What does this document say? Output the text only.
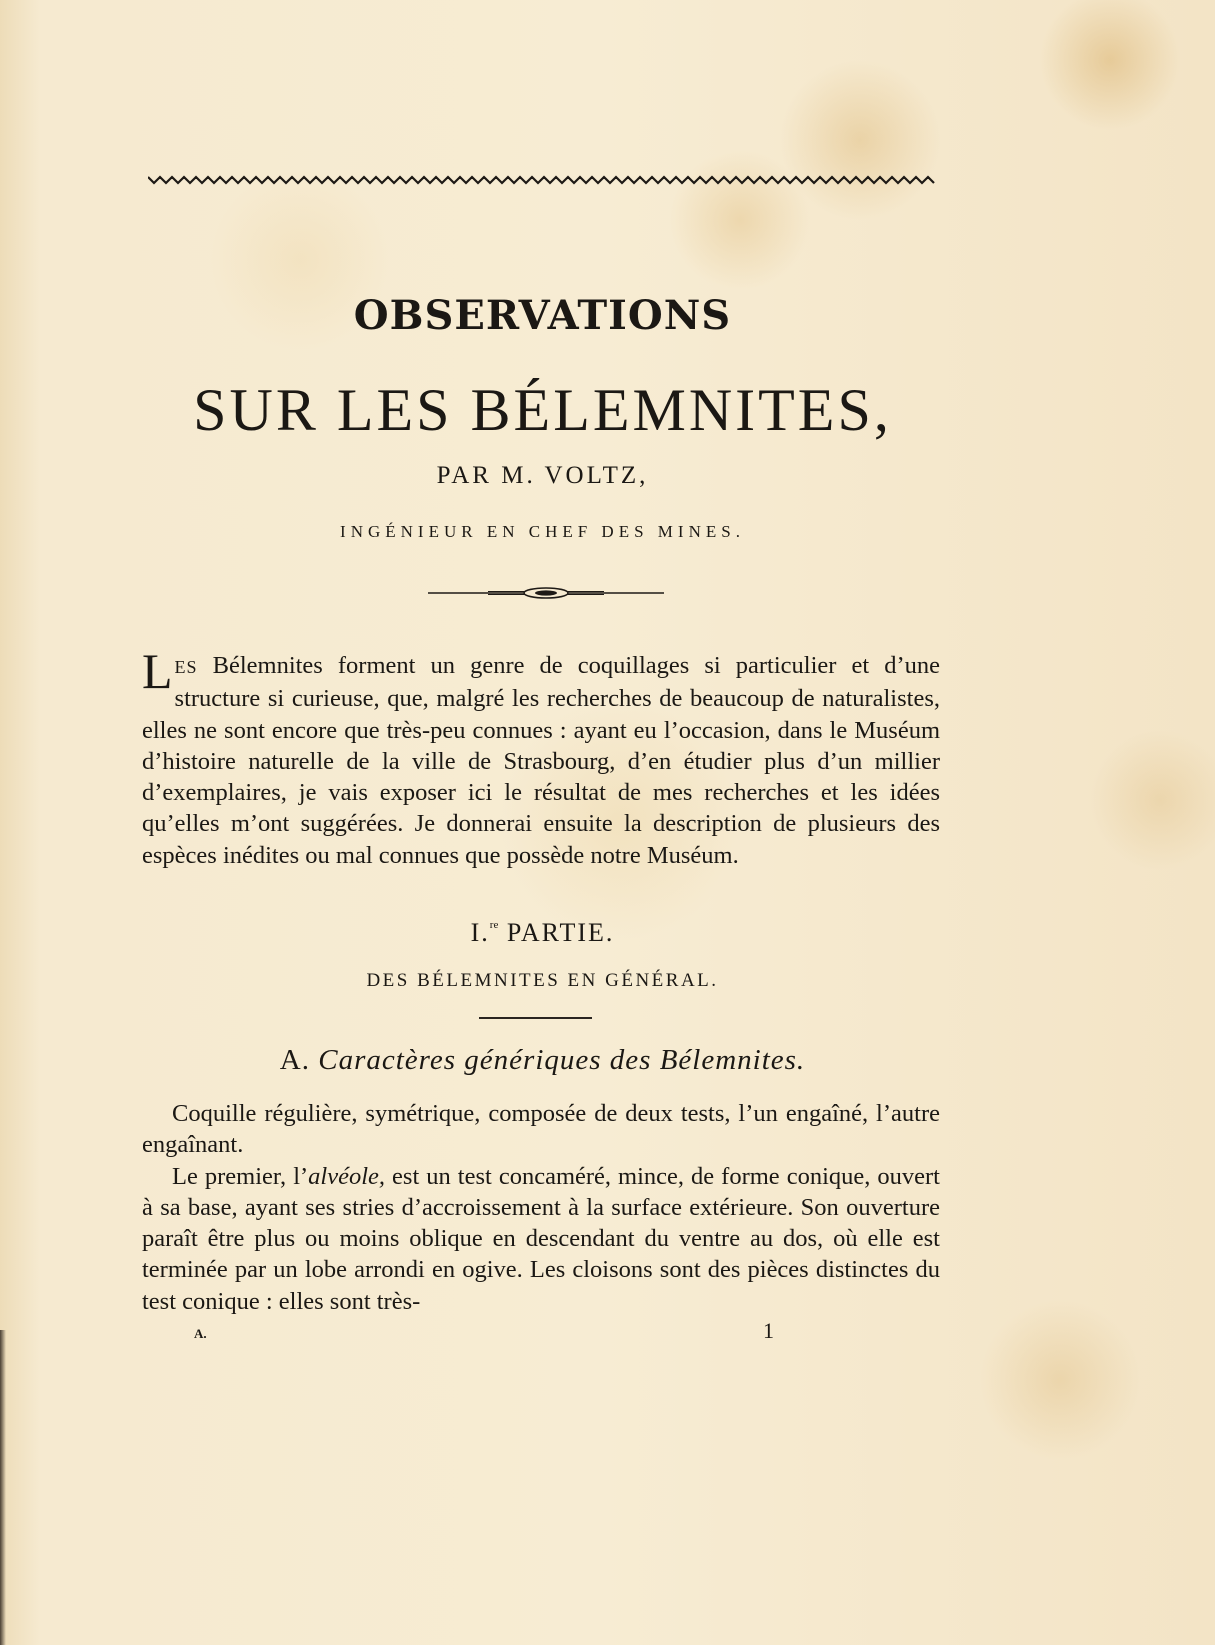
OBSERVATIONS
SUR LES BÉLEMNITES,
PAR M. VOLTZ,
INGÉNIEUR EN CHEF DES MINES.

LES Bélemnites forment un genre de coquillages si particulier et d’une structure si curieuse, que, malgré les recherches de beaucoup de naturalistes, elles ne sont encore que très-peu connues : ayant eu l’occasion, dans le Muséum d’histoire naturelle de la ville de Strasbourg, d’en étudier plus d’un millier d’exemplaires, je vais exposer ici le résultat de mes recherches et les idées qu’elles m’ont suggérées. Je donnerai ensuite la description de plusieurs des espèces inédites ou mal connues que possède notre Muséum.

I.$^{re}$ PARTIE.
DES BÉLEMNITES EN GÉNÉRAL.
A. Caractères génériques des Bélemnites.

Coquille régulière, symétrique, composée de deux tests, l’un engaîné, l’autre engaînant.

Le premier, l’alvéole, est un test concaméré, mince, de forme conique, ouvert à sa base, ayant ses stries d’accroissement à la surface extérieure. Son ouverture paraît être plus ou moins oblique en descendant du ventre au dos, où elle est terminée par un lobe arrondi en ogive. Les cloisons sont des pièces distinctes du test conique : elles sont très-

A.	1
